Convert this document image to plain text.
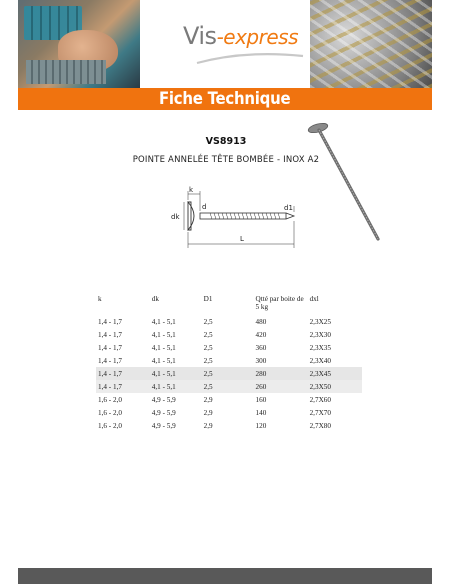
Vis-express
Fiche Technique
VS8913
POINTE ANNELÉE TÊTE BOMBÉE - INOX A2
k
d
dk
d1
L
k	dk	D1	Qtté par boite de 5 kg	dxl
1,4 - 1,7	4,1 - 5,1	2,5	480	2,3X25
1,4 - 1,7	4,1 - 5,1	2,5	420	2,3X30
1,4 - 1,7	4,1 - 5,1	2,5	360	2,3X35
1,4 - 1,7	4,1 - 5,1	2,5	300	2,3X40
1,4 - 1,7	4,1 - 5,1	2,5	280	2,3X45
1,4 - 1,7	4,1 - 5,1	2,5	260	2,3X50
1,6 - 2,0	4,9 - 5,9	2,9	160	2,7X60
1,6 - 2,0	4,9 - 5,9	2,9	140	2,7X70
1,6 - 2,0	4,9 - 5,9	2,9	120	2,7X80
